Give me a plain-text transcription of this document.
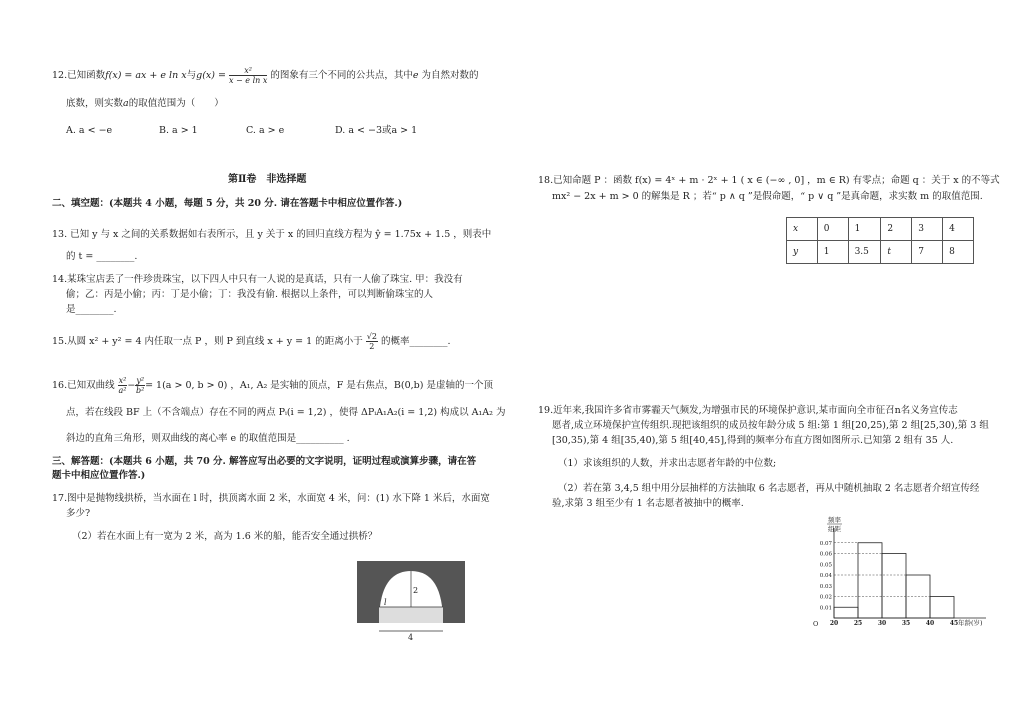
12.已知函数f(x) = ax + e ln x与$g(x) = \frac{\text{x²}}{\text{x − e ln x}}$ 的图象有三个不同的公共点，其中e 为自然对数的
底数，则实数a的取值范围为（　　）
A. a < −e	B. a > 1	C. a > e	D. a < −3或a > 1
第Ⅱ卷　非选择题
二、填空题：(本题共 4 小题，每题 5 分，共 20 分. 请在答题卡中相应位置作答.)
13. 已知 y 与 x 之间的关系数据如右表所示，且 y 关于 x 的回归直线方程为 ŷ = 1.75x + 1.5 ，则表中
的 t = ________.
14.某珠宝店丢了一件珍贵珠宝，以下四人中只有一人说的是真话，只有一人偷了珠宝. 甲：我没有
偷；乙：丙是小偷；丙：丁是小偷；丁：我没有偷. 根据以上条件，可以判断偷珠宝的人
是________.
15.从圆 x² + y² = 4 内任取一点 P ，则 P 到直线 x + y = 1 的距离小于 $\frac{√2}{2}$ 的概率________.
16.已知双曲线 $\frac{\text{x²}}{\text{a²}}- \frac{\text{y²}}{\text{b²}}= 1(a > 0$, b > 0) ，A₁, A₂ 是实轴的顶点，F 是右焦点，B(0,b) 是虚轴的一个顶
点，若在线段 BF 上（不含端点）存在不同的两点 Pᵢ(i = 1,2) ，使得 ΔPᵢA₁A₂(i = 1,2) 构成以 A₁A₂ 为
斜边的直角三角形，则双曲线的离心率 e 的取值范围是__________ .
三、解答题：(本题共 6 小题，共 70 分. 解答应写出必要的文字说明，证明过程或演算步骤，请在答
题卡中相应位置作答.)
17.图中是抛物线拱桥，当水面在 l 时，拱顶离水面 2 米，水面宽 4 米，问：(1) 水下降 1 米后，水面宽
多少?
（2）若在水面上有一宽为 2 米，高为 1.6 米的船，能否安全通过拱桥？
2
l
4
18.已知命题 P ：函数 f(x) = 4ˣ + m · 2ˣ + 1 ( x ∈ (−∞ , 0] ，m ∈ R) 有零点；命题 q ：关于 x 的不等式
mx² − 2x + m > 0 的解集是 R ；若“ p ∧ q ”是假命题，“ p ∨ q ”是真命题，求实数 m 的取值范围.
x	0	1	2	3	4
y	1	3.5	t	7	8
19.近年来,我国许多省市雾霾天气频发,为增强市民的环境保护意识,某市面向全市征召n名义务宣传志
愿者,成立环境保护宣传组织.现把该组织的成员按年龄分成 5 组:第 1 组[20,25),第 2 组[25,30),第 3 组
[30,35),第 4 组[35,40),第 5 组[40,45],得到的频率分布直方图如图所示.已知第 2 组有 35 人.
（1）求该组织的人数，并求出志愿者年龄的中位数;
（2）若在第 3,4,5 组中用分层抽样的方法抽取 6 名志愿者，再从中随机抽取 2 名志愿者介绍宣传经
验,求第 3 组至少有 1 名志愿者被抽中的概率.
频率
组距
0.07
0.06
0.05
0.04
0.03
0.02
0.01
20	25	30	35	40	45
O	年龄(岁)
